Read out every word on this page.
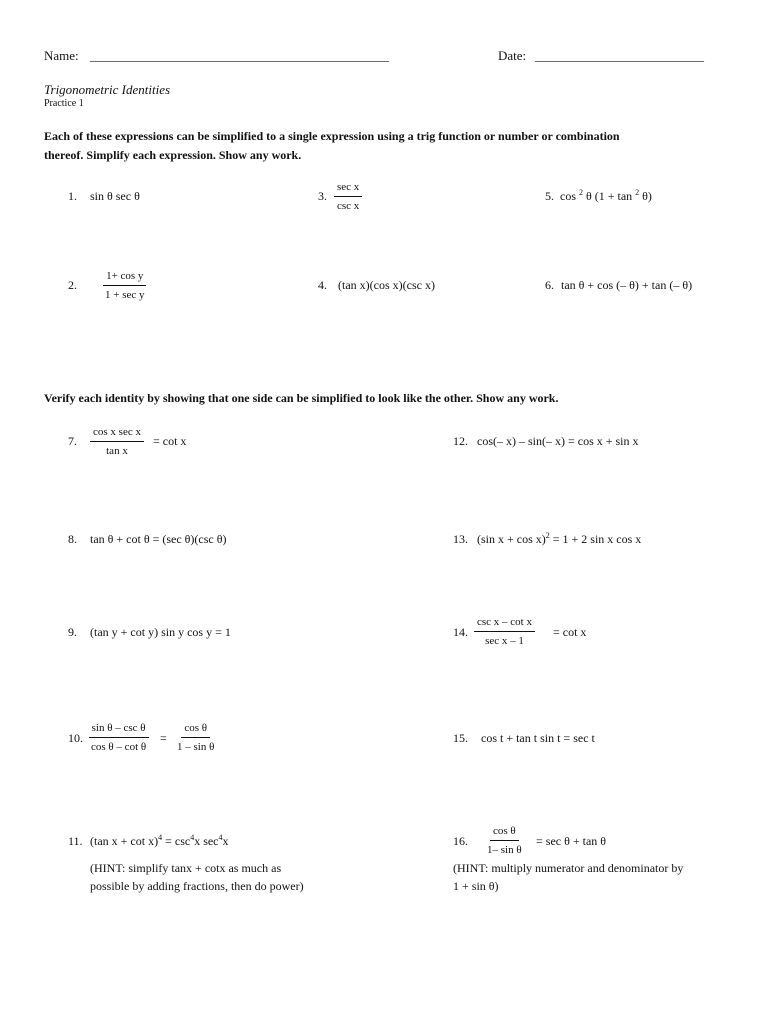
Name: ______________________________________________	Date: __________________________
Trigonometric Identities
Practice 1
Each of these expressions can be simplified to a single expression using a trig function or number or combination
thereof. Simplify each expression. Show any work.
1. sin θ sec θ	3.
sec x
csc x
5. cos $^2$ θ (1 + tan $^2$ θ)
2.
1+ cos y
1 + sec y
4. (tan x)(cos x)(csc x)	6. tan θ + cos (– θ) + tan (– θ)
Verify each identity by showing that one side can be simplified to look like the other. Show any work.
7.
cos x sec x
tan x
= cot x	12. cos(– x) – sin(– x) = cos x + sin x
8. tan θ + cot θ = (sec θ)(csc θ)	13. (sin x + cos x)$^2$ = 1 + 2 sin x cos x
9. (tan y + cot y) sin y cos y = 1	14.
csc x – cot x
sec x – 1
= cot x
10.
sin θ – csc θ
cos θ – cot θ
= $\frac{\text{cos θ}}{\text{1 – sin θ}}$	15. cos t + tan t sin t = sec t
11. (tan $x + \cot x)^4 = \csc^4x$ $\sec^4x$
(HINT: simplify tanx + cotx as much as
possible by adding fractions, then do power)
16. $\frac{\text{cos θ}}{\text{1– sin θ}} = \sec \theta + \tan \theta$
(HINT: multiply numerator and denominator by
1 + sin θ)
